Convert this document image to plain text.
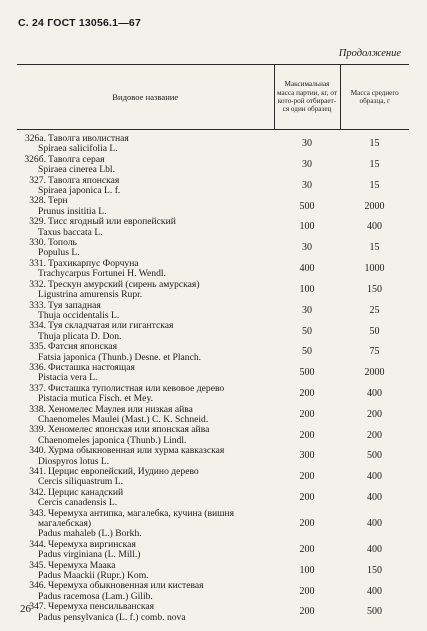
С. 24 ГОСТ 13056.1—67
Продолжение
Видовое название	Максимальная масса партии, кг, от кото-рой отбирает-ся один образец	Масса среднего образца, г

326a. Таволга иволистная
Spiraea salicifolia L.	30	15

326б. Таволга серая
Spiraea cinerea Lbl.	30	15

327. Таволга японская
Spiraea japonica L. f.	30	15

328. Терн
Prunus insititia L.	500	2000

329. Тисс ягодный или европейский
Taxus baccata L.	100	400

330. Тополь
Populus L.	30	15

331. Трахикарпус Форчуна
Trachycarpus Fortunei H. Wendl.	400	1000

332. Трескун амурский (сирень амурская)
Ligustrina amurensis Rupr.	100	150

333. Туя западная
Thuja occidentalis L.	30	25

334. Туя складчатая или гигантская
Thuja plicata D. Don.	50	50

335. Фатсия японская
Fatsia japonica (Thunb.) Desne. et Planch.	50	75

336. Фисташка настоящая
Pistacia vera L.	500	2000

337. Фисташка туполистная или кевовое дерево
Pistacia mutica Fisch. et Mey.	200	400

338. Хеномелес Маулея или низкая айва
Chaenomeles Maulei (Mast.) C. K. Schneid.	200	200

339. Хеномелес японская или японская айва
Chaenomeles japonica (Thunb.) Lindl.	200	200

340. Хурма обыкновенная или хурма кавказская
Diospyros lotus L.	300	500

341. Церцис европейский, Иудино дерево
Cercis siliquastrum L.	200	400

342. Церцис канадский
Cercis canadensis L.	200	400

343. Черемуха антипка, магалебка, кучина (вишня
магалебская)
Padus mahaleb (L.) Borkh.	200	400

344. Черемуха виргинская
Padus virginiana (L. Mill.)	200	400

345. Черемуха Маака
Padus Maackii (Rupr.) Kom.	100	150

346. Черемуха обыкновенная или кистевая
Padus racemosa (Lam.) Gilib.	200	400

347. Черемуха пенсильванская
Padus pensylvanica (L. f.) comb. nova	200	500
26
